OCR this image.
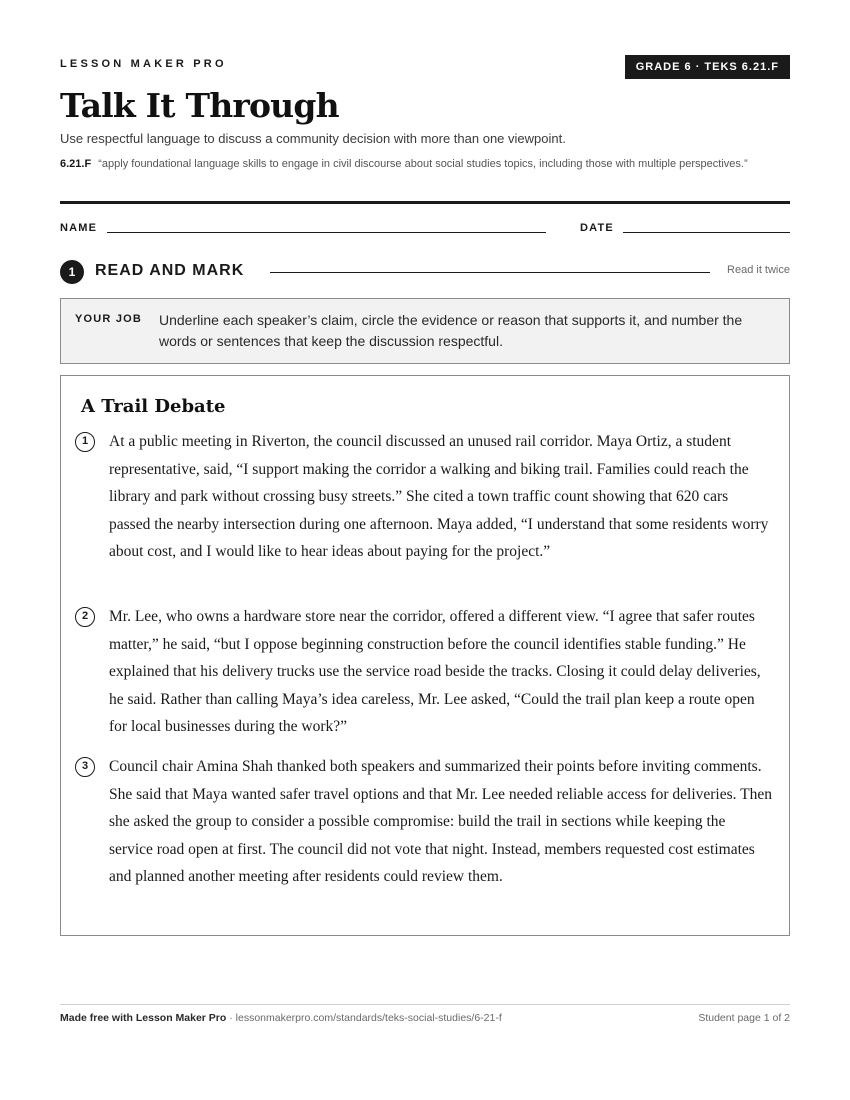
LESSON MAKER PRO	GRADE 6 · TEKS 6.21.F
Talk It Through
Use respectful language to discuss a community decision with more than one viewpoint.
6.21.F “apply foundational language skills to engage in civil discourse about social studies topics, including those with multiple perspectives.”
NAME	DATE
1	READ AND MARK	Read it twice
YOUR JOB Underline each speaker’s claim, circle the evidence or reason that supports it, and number the words or sentences that keep the discussion respectful.
A Trail Debate
1	At a public meeting in Riverton, the council discussed an unused rail corridor. Maya Ortiz, a student representative, said, “I support making the corridor a walking and biking trail. Families could reach the library and park without crossing busy streets.” She cited a town traffic count showing that 620 cars passed the nearby intersection during one afternoon. Maya added, “I understand that some residents worry about cost, and I would like to hear ideas about paying for the project.”

2	Mr. Lee, who owns a hardware store near the corridor, offered a different view. “I agree that safer routes matter,” he said, “but I oppose beginning construction before the council identifies stable funding.” He explained that his delivery trucks use the service road beside the tracks. Closing it could delay deliveries, he said. Rather than calling Maya’s idea careless, Mr. Lee asked, “Could the trail plan keep a route open for local businesses during the work?”

3	Council chair Amina Shah thanked both speakers and summarized their points before inviting comments. She said that Maya wanted safer travel options and that Mr. Lee needed reliable access for deliveries. Then she asked the group to consider a possible compromise: build the trail in sections while keeping the service road open at first. The council did not vote that night. Instead, members requested cost estimates and planned another meeting after residents could review them.

Made free with Lesson Maker Pro · lessonmakerpro.com/standards/teks-social-studies/6-21-f	Student page 1 of 2
